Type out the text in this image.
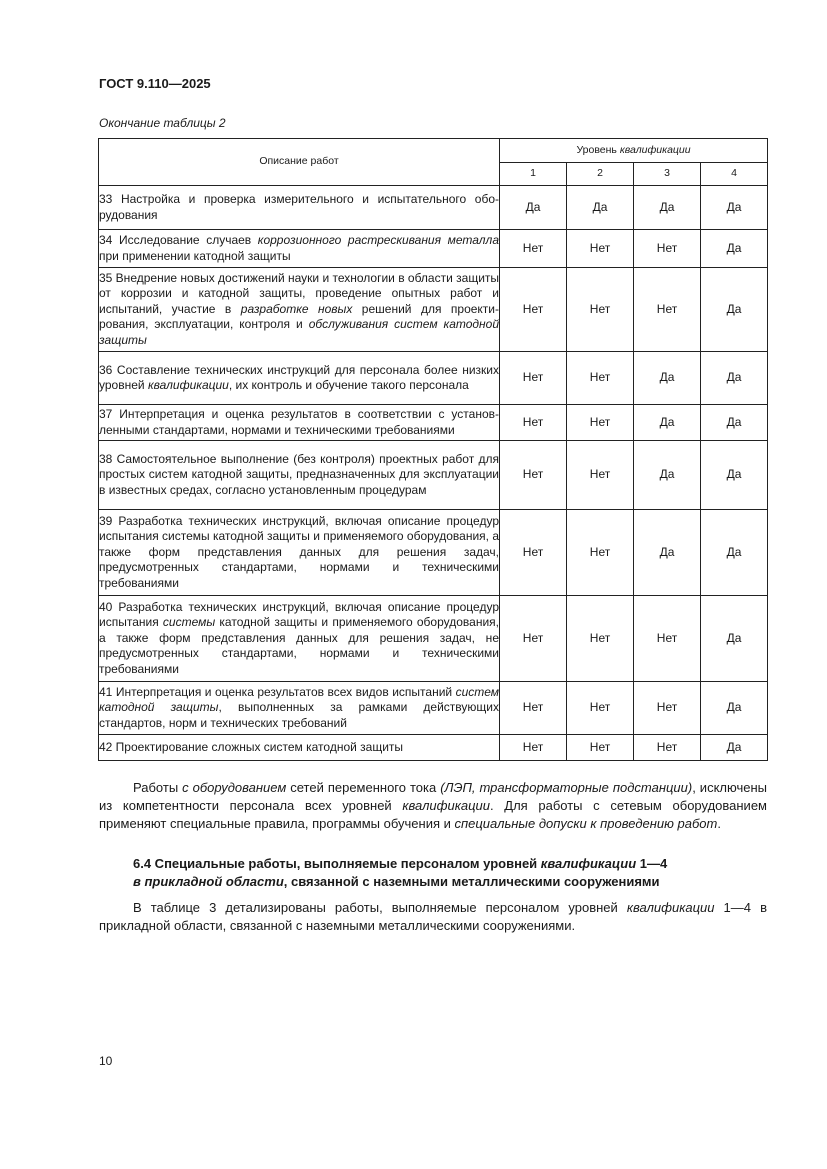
ГОСТ 9.110—2025
Окончание таблицы 2
Описание работ	Уровень квалификации			
	1	2	3	4
33 Настройка и проверка измерительного и испытательного оборудования	Да	Да	Да	Да
34 Исследование случаев коррозионного растрескивания металла при применении катодной защиты	Нет	Нет	Нет	Да
35 Внедрение новых достижений науки и технологии в области защиты от коррозии и катодной защиты, проведение опытных работ и испытаний, участие в разработке новых решений для проектирования, эксплуатации, контроля и обслуживания систем катодной защиты	Нет	Нет	Нет	Да
36 Составление технических инструкций для персонала более низких уровней квалификации, их контроль и обучение такого персонала	Нет	Нет	Да	Да
37 Интерпретация и оценка результатов в соответствии с установленными стандартами, нормами и техническими требованиями	Нет	Нет	Да	Да
38 Самостоятельное выполнение (без контроля) проектных работ для простых систем катодной защиты, предназначенных для эксплуатации в известных средах, согласно установленным процедурам	Нет	Нет	Да	Да
39 Разработка технических инструкций, включая описание процедур испытания системы катодной защиты и применяемого оборудования, а также форм представления данных для решения задач, предусмотренных стандартами, нормами и техническими требованиями	Нет	Нет	Да	Да
40 Разработка технических инструкций, включая описание процедур испытания системы катодной защиты и применяемого оборудования, а также форм представления данных для решения задач, не предусмотренных стандартами, нормами и техническими требованиями	Нет	Нет	Нет	Да
41 Интерпретация и оценка результатов всех видов испытаний систем катодной защиты, выполненных за рамками действующих стандартов, норм и технических требований	Нет	Нет	Нет	Да
42 Проектирование сложных систем катодной защиты	Нет	Нет	Нет	Да
Работы с оборудованием сетей переменного тока (ЛЭП, трансформаторные подстанции), исключены из компетентности персонала всех уровней квалификации. Для работы с сетевым оборудованием применяют специальные правила, программы обучения и специальные допуски к проведению работ.
6.4 Специальные работы, выполняемые персоналом уровней квалификации 1—4
в прикладной области, связанной с наземными металлическими сооружениями
В таблице 3 детализированы работы, выполняемые персоналом уровней квалификации 1—4 в прикладной области, связанной с наземными металлическими сооружениями.
10
